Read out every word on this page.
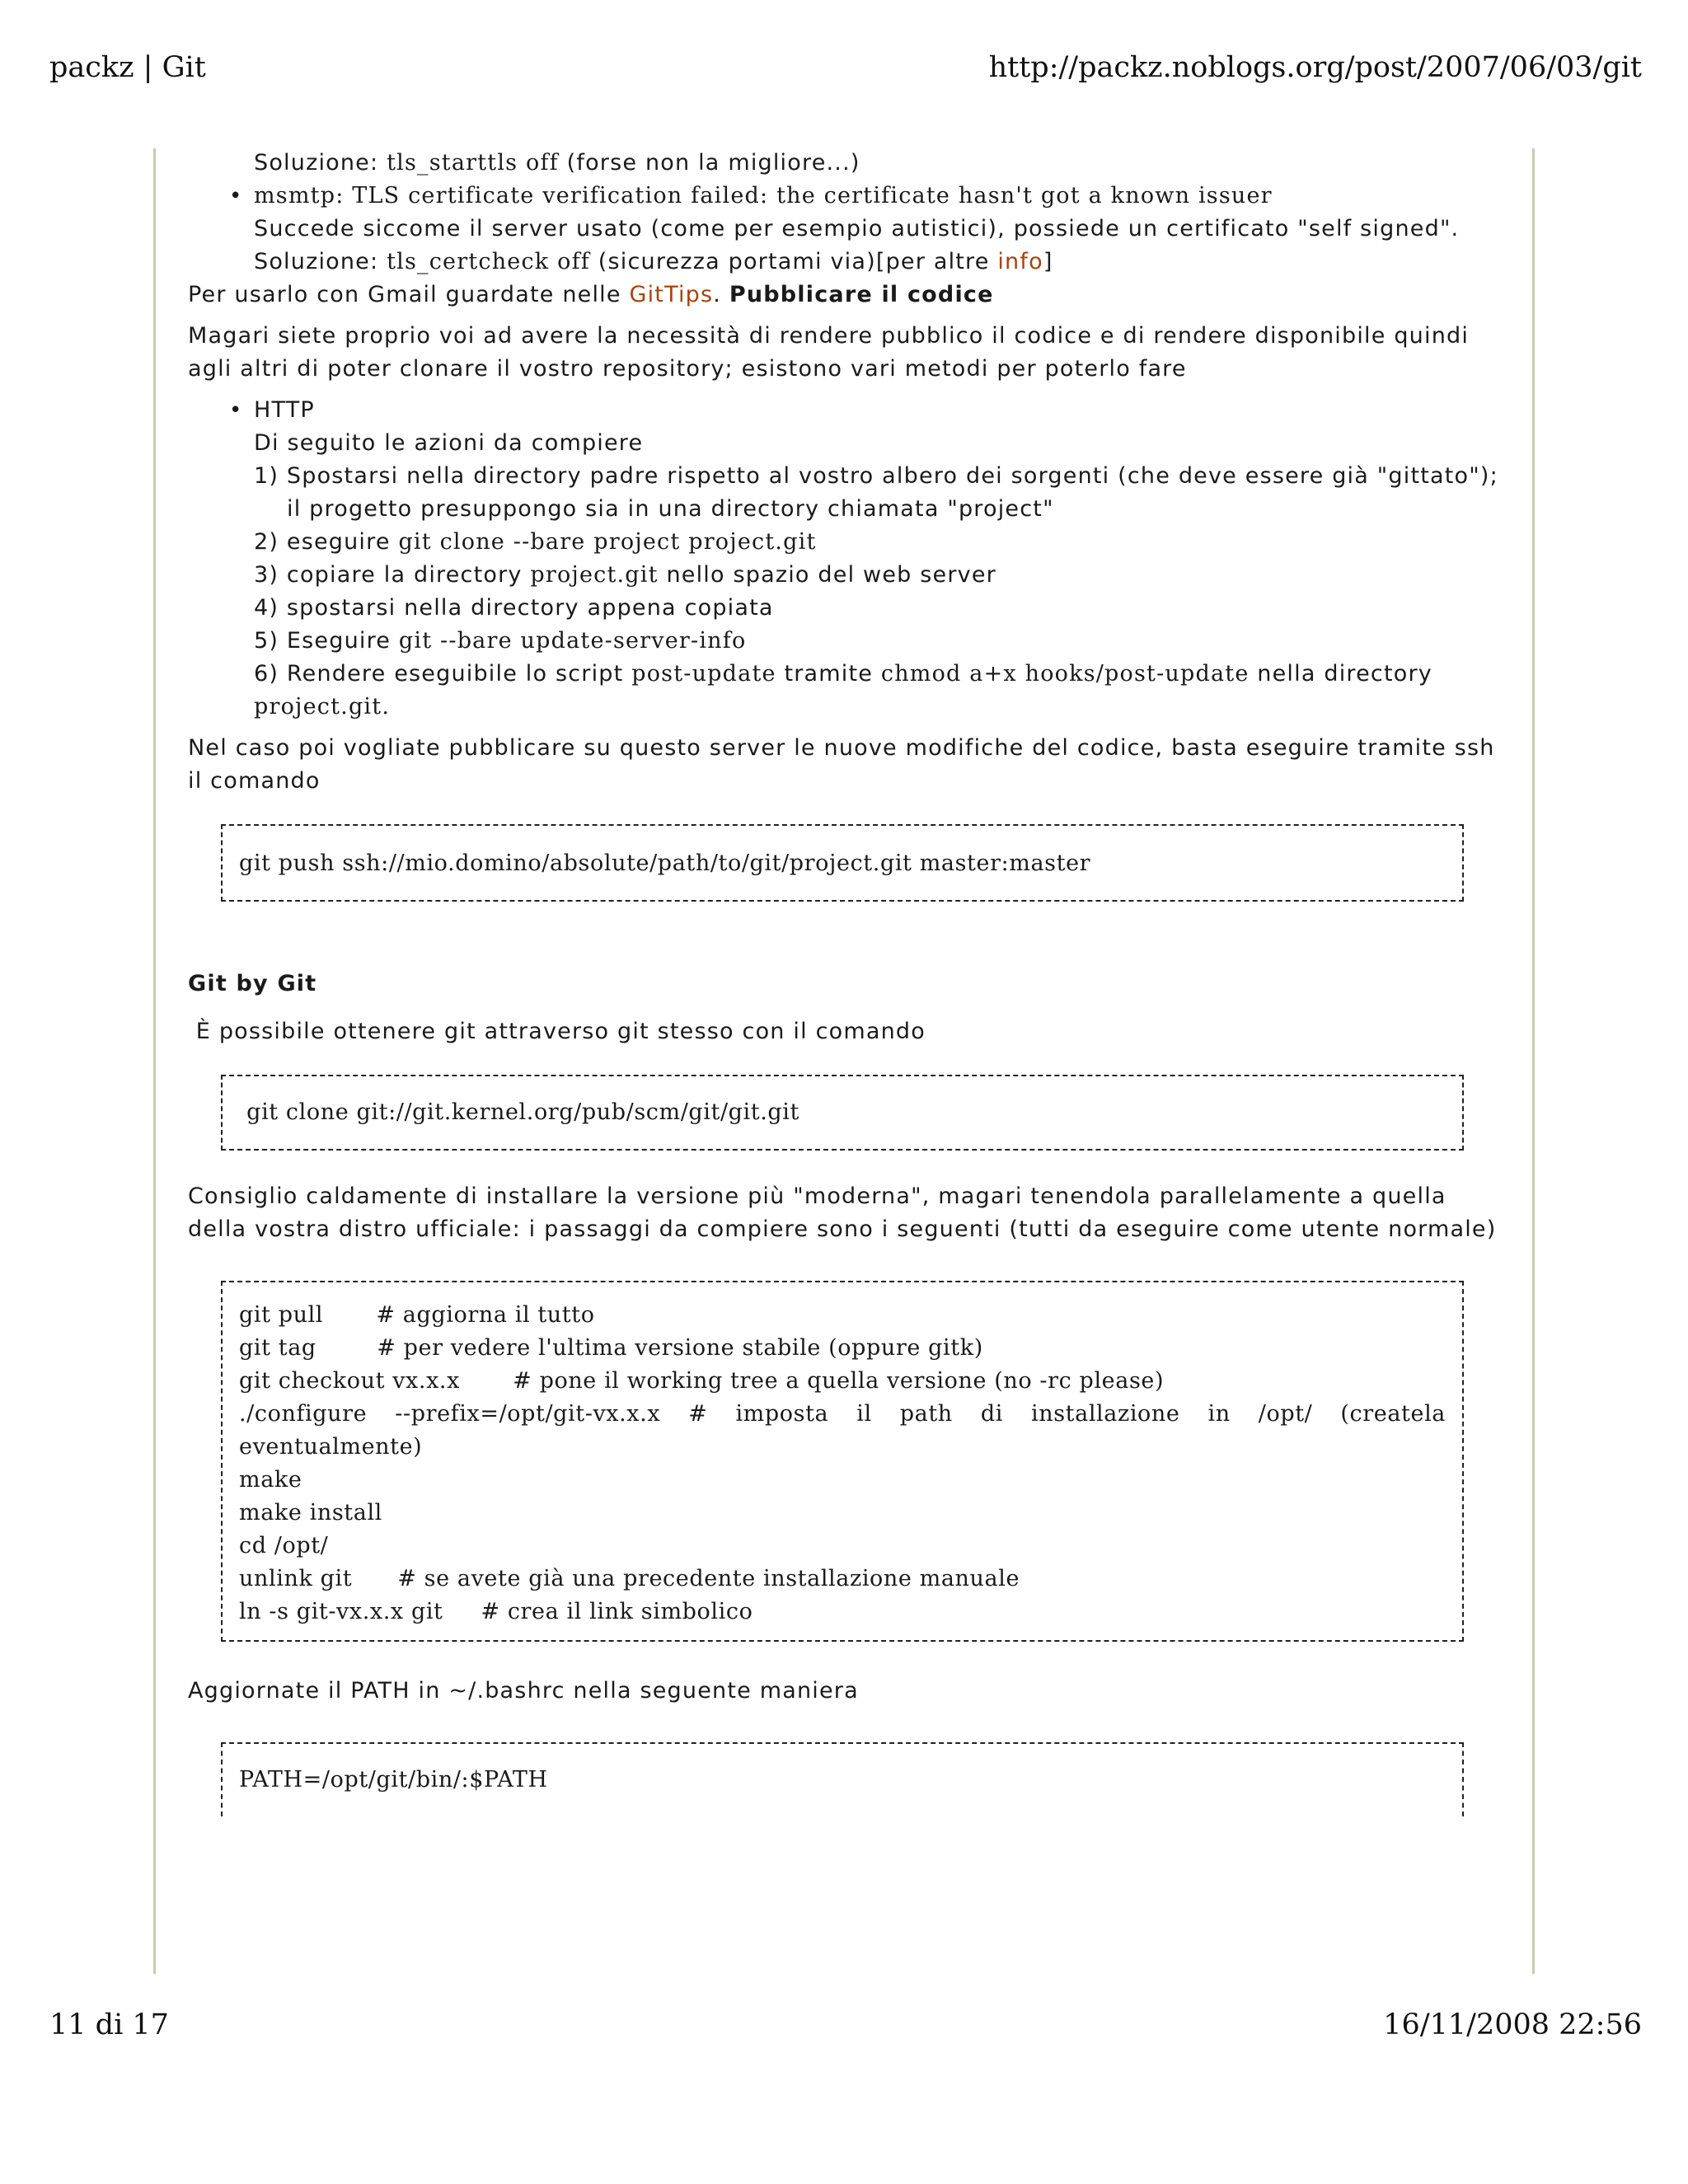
packz | Git	http://packz.noblogs.org/post/2007/06/03/git

Soluzione: tls_starttls off (forse non la migliore...)

• msmtp: TLS certificate verification failed: the certificate hasn't got a known issuer

Succede siccome il server usato (come per esempio autistici), possiede un certificato "self signed".

Soluzione: tls_certcheck off (sicurezza portami via)[per altre info]

Per usarlo con Gmail guardate nelle GitTips. Pubblicare il codice

Magari siete proprio voi ad avere la necessità di rendere pubblico il codice e di rendere disponibile quindi agli altri di poter clonare il vostro repository; esistono vari metodi per poterlo fare

• HTTP

Di seguito le azioni da compiere

1) Spostarsi nella directory padre rispetto al vostro albero dei sorgenti (che deve essere già "gittato");

il progetto presuppongo sia in una directory chiamata "project"

2) eseguire git clone --bare project project.git

3) copiare la directory project.git nello spazio del web server

4) spostarsi nella directory appena copiata

5) Eseguire git --bare update-server-info

6) Rendere eseguibile lo script post-update tramite chmod a+x hooks/post-update nella directory

project.git.

Nel caso poi vogliate pubblicare su questo server le nuove modifiche del codice, basta eseguire tramite ssh il comando

git push ssh://mio.domino/absolute/path/to/git/project.git master:master

Git by Git

È possibile ottenere git attraverso git stesso con il comando

git clone git://git.kernel.org/pub/scm/git/git.git

Consiglio caldamente di installare la versione più "moderna", magari tenendola parallelamente a quella della vostra distro ufficiale: i passaggi da compiere sono i seguenti (tutti da eseguire come utente normale)

git pull       # aggiorna il tutto
git tag        # per vedere l'ultima versione stabile (oppure gitk)
git checkout vx.x.x       # pone il working tree a quella versione (no -rc please)
./configure --prefix=/opt/git-vx.x.x # imposta il path di installazione in /opt/ (createla
eventualmente)
make
make install
cd /opt/
unlink git      # se avete già una precedente installazione manuale
ln -s git-vx.x.x git     # crea il link simbolico

Aggiornate il PATH in ~/.bashrc nella seguente maniera

PATH=/opt/git/bin/:$PATH
11 di 17	16/11/2008 22:56
